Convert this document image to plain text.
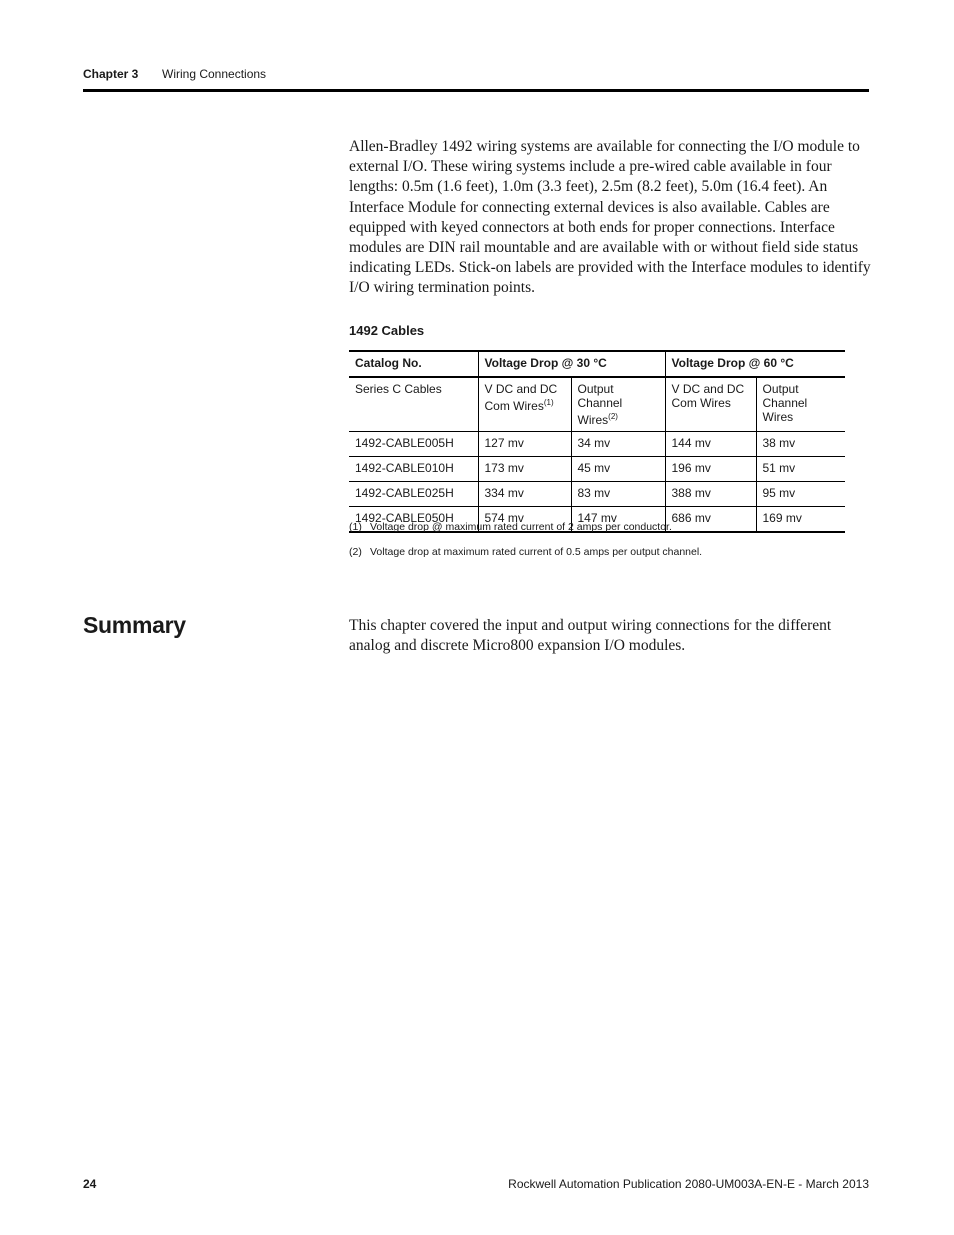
Chapter 3 Wiring Connections

Allen-Bradley 1492 wiring systems are available for connecting the I/O module to external I/O. These wiring systems include a pre-wired cable available in four lengths: 0.5m (1.6 feet), 1.0m (3.3 feet), 2.5m (8.2 feet), 5.0m (16.4 feet). An Interface Module for connecting external devices is also available. Cables are equipped with keyed connectors at both ends for proper connections. Interface modules are DIN rail mountable and are available with or without field side status indicating LEDs. Stick-on labels are provided with the Interface modules to identify I/O wiring termination points.

1492 Cables
Catalog No.	Voltage Drop @ 30 °C		Voltage Drop @ 60 °C	
Series C Cables	V DC and DC Com Wires$^{(1)}$	Output Channel Wires$^{(2)}$	V DC and DC Com Wires	Output Channel Wires
1492-CABLE005H	127 mv	34 mv	144 mv	38 mv
1492-CABLE010H	173 mv	45 mv	196 mv	51 mv
1492-CABLE025H	334 mv	83 mv	388 mv	95 mv
1492-CABLE050H	574 mv	147 mv	686 mv	169 mv
(1) Voltage drop @ maximum rated current of 2 amps per conductor.
(2) Voltage drop at maximum rated current of 0.5 amps per output channel.
Summary	This chapter covered the input and output wiring connections for the different analog and discrete Micro800 expansion I/O modules.

24	Rockwell Automation Publication 2080-UM003A-EN-E - March 2013
